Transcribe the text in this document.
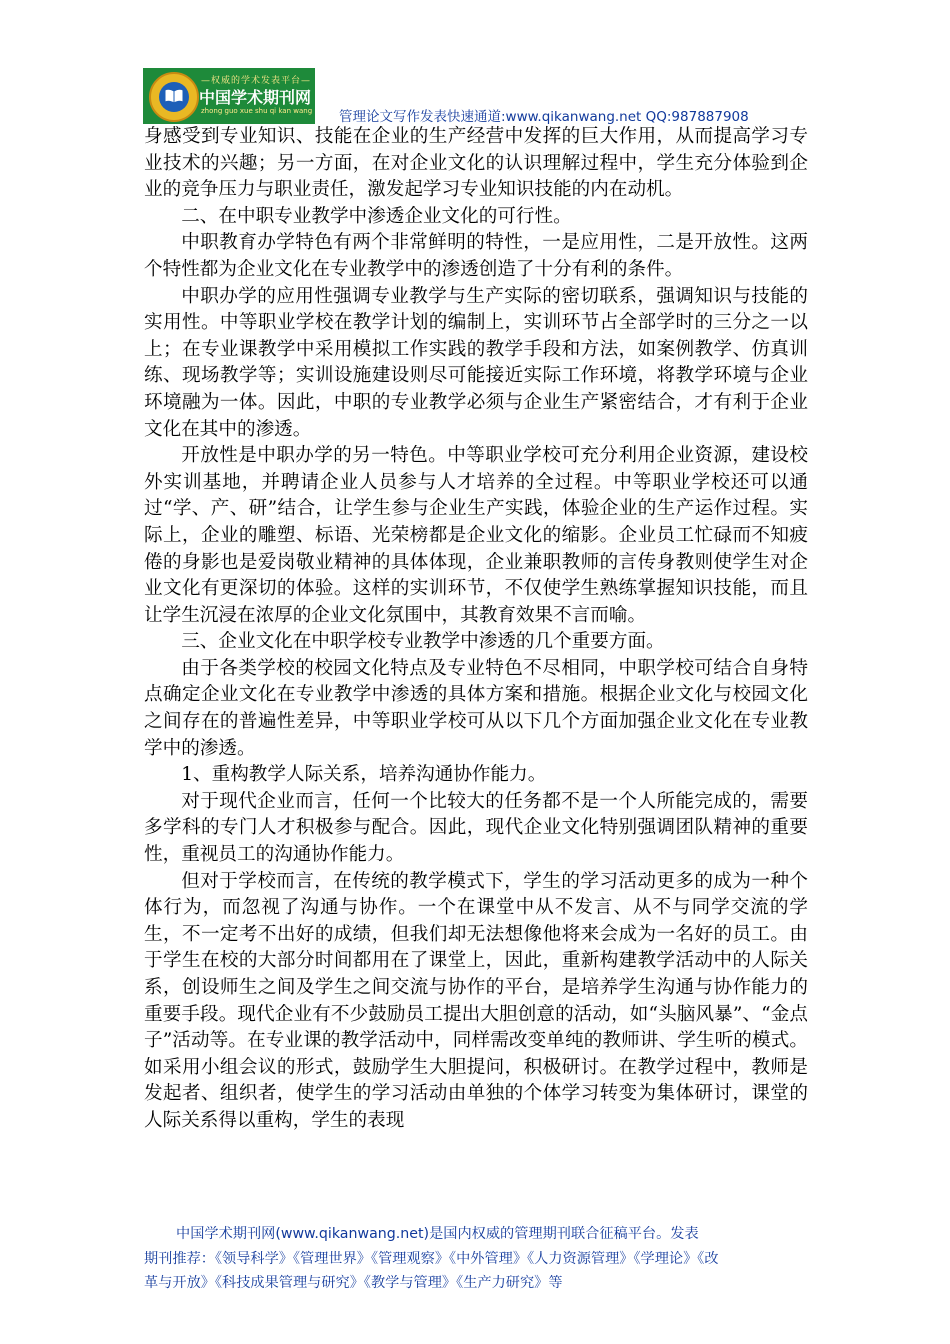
—权威的学术发表平台—
中国学术期刊网
zhong guo xue shu qi kan wang 管理论文写作发表快速通道:www.qikanwang.net QQ:987887908

身感受到专业知识、技能在企业的生产经营中发挥的巨大作用，从而提高学习专业技术的兴趣；另一方面，在对企业文化的认识理解过程中，学生充分体验到企业的竞争压力与职业责任，激发起学习专业知识技能的内在动机。

二、在中职专业教学中渗透企业文化的可行性。

中职教育办学特色有两个非常鲜明的特性，一是应用性，二是开放性。这两个特性都为企业文化在专业教学中的渗透创造了十分有利的条件。

中职办学的应用性强调专业教学与生产实际的密切联系，强调知识与技能的实用性。中等职业学校在教学计划的编制上，实训环节占全部学时的三分之一以上；在专业课教学中采用模拟工作实践的教学手段和方法，如案例教学、仿真训练、现场教学等；实训设施建设则尽可能接近实际工作环境，将教学环境与企业环境融为一体。因此，中职的专业教学必须与企业生产紧密结合，才有利于企业文化在其中的渗透。

开放性是中职办学的另一特色。中等职业学校可充分利用企业资源，建设校外实训基地，并聘请企业人员参与人才培养的全过程。中等职业学校还可以通过“学、产、研”结合，让学生参与企业生产实践，体验企业的生产运作过程。实际上，企业的雕塑、标语、光荣榜都是企业文化的缩影。企业员工忙碌而不知疲倦的身影也是爱岗敬业精神的具体体现，企业兼职教师的言传身教则使学生对企业文化有更深切的体验。这样的实训环节，不仅使学生熟练掌握知识技能，而且让学生沉浸在浓厚的企业文化氛围中，其教育效果不言而喻。

三、企业文化在中职学校专业教学中渗透的几个重要方面。

由于各类学校的校园文化特点及专业特色不尽相同，中职学校可结合自身特点确定企业文化在专业教学中渗透的具体方案和措施。根据企业文化与校园文化之间存在的普遍性差异，中等职业学校可从以下几个方面加强企业文化在专业教学中的渗透。

1、重构教学人际关系，培养沟通协作能力。

对于现代企业而言，任何一个比较大的任务都不是一个人所能完成的，需要多学科的专门人才积极参与配合。因此，现代企业文化特别强调团队精神的重要性，重视员工的沟通协作能力。

但对于学校而言，在传统的教学模式下，学生的学习活动更多的成为一种个体行为，而忽视了沟通与协作。一个在课堂中从不发言、从不与同学交流的学生，不一定考不出好的成绩，但我们却无法想像他将来会成为一名好的员工。由于学生在校的大部分时间都用在了课堂上，因此，重新构建教学活动中的人际关系，创设师生之间及学生之间交流与协作的平台，是培养学生沟通与协作能力的重要手段。现代企业有不少鼓励员工提出大胆创意的活动，如“头脑风暴”、“金点子”活动等。在专业课的教学活动中，同样需改变单纯的教师讲、学生听的模式。如采用小组会议的形式，鼓励学生大胆提问，积极研讨。在教学过程中，教师是发起者、组织者，使学生的学习活动由单独的个体学习转变为集体研讨，课堂的人际关系得以重构，学生的表现

中国学术期刊网(www.qikanwang.net)是国内权威的管理期刊联合征稿平台。发表
期刊推荐：《领导科学》《管理世界》《管理观察》《中外管理》《人力资源管理》《学理论》《改
革与开放》《科技成果管理与研究》《教学与管理》《生产力研究》等
